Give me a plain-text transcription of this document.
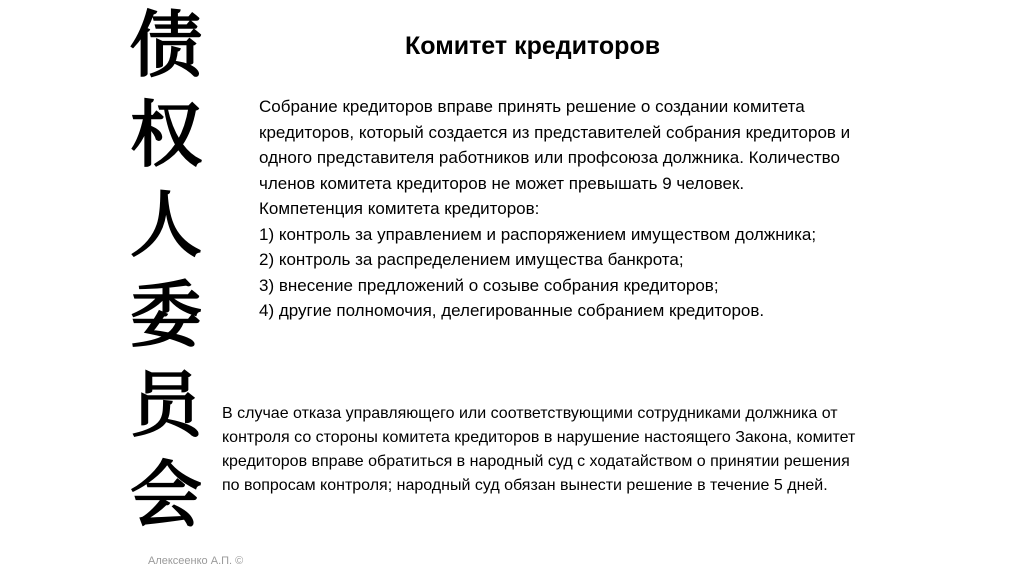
债
权
人
委
员
会
Комитет кредиторов

Собрание кредиторов вправе принять решение о создании комитета кредиторов, который создается из представителей собрания кредиторов и одного представителя работников или профсоюза должника. Количество членов комитета кредиторов не может превышать 9 человек.

Компетенция комитета кредиторов:

1) контроль за управлением и распоряжением имуществом должника;

2) контроль за распределением имущества банкрота;

3) внесение предложений о созыве собрания кредиторов;

4) другие полномочия, делегированные собранием кредиторов.

В случае отказа управляющего или соответствующими сотрудниками должника от контроля со стороны комитета кредиторов в нарушение настоящего Закона, комитет кредиторов вправе обратиться в народный суд с ходатайством о принятии решения по вопросам контроля; народный суд обязан вынести решение в течение 5 дней.
Алексеенко А.П. ©
